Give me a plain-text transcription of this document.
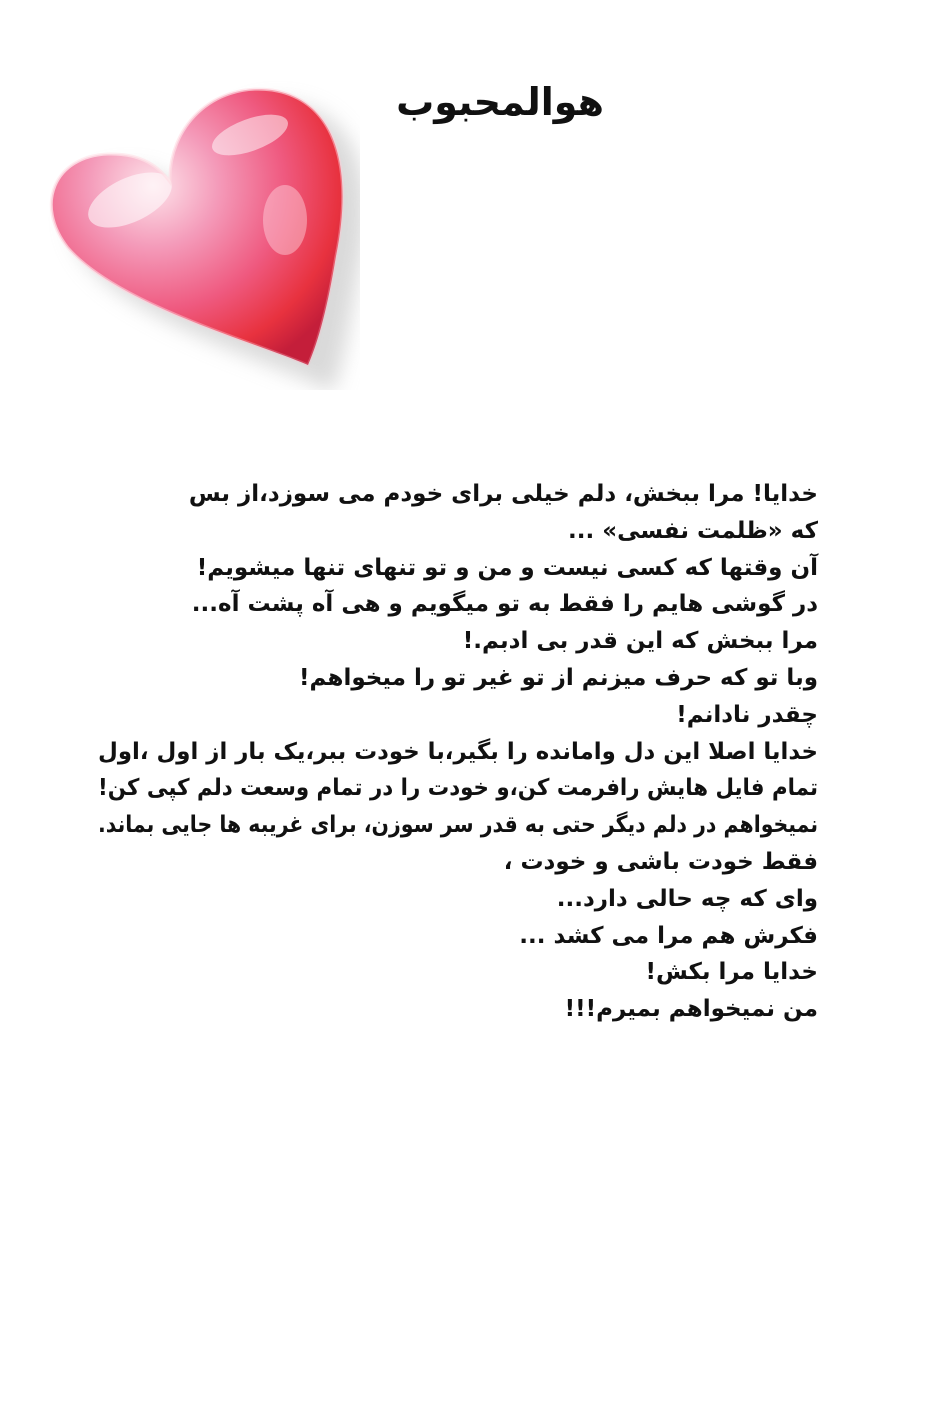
هوالمحبوب
خدایا! مرا ببخش، دلم خیلی برای خودم می سوزد،از بس
که «ظلمت نفسی» ...
آن وقتها که کسی نیست و من و تو تنهای تنها میشویم!
در گوشی هایم را فقط به تو میگویم و هی آه پشت آه...
مرا ببخش که این قدر بی ادبم.!
وبا تو که حرف میزنم از تو غیر تو را میخواهم!
چقدر نادانم!
خدایا اصلا این دل وامانده را بگیر،با خودت ببر،یک بار از اول ،اول
تمام فایل هایش رافرمت کن،و خودت را در تمام وسعت دلم کپی کن!
نمیخواهم در دلم دیگر حتی به قدر سر سوزن، برای غریبه ها جایی بماند.
فقط خودت باشی و خودت ،
وای که چه حالی دارد...
فکرش هم مرا می کشد ...
خدایا مرا بکش!
من نمیخواهم بمیرم!!!
